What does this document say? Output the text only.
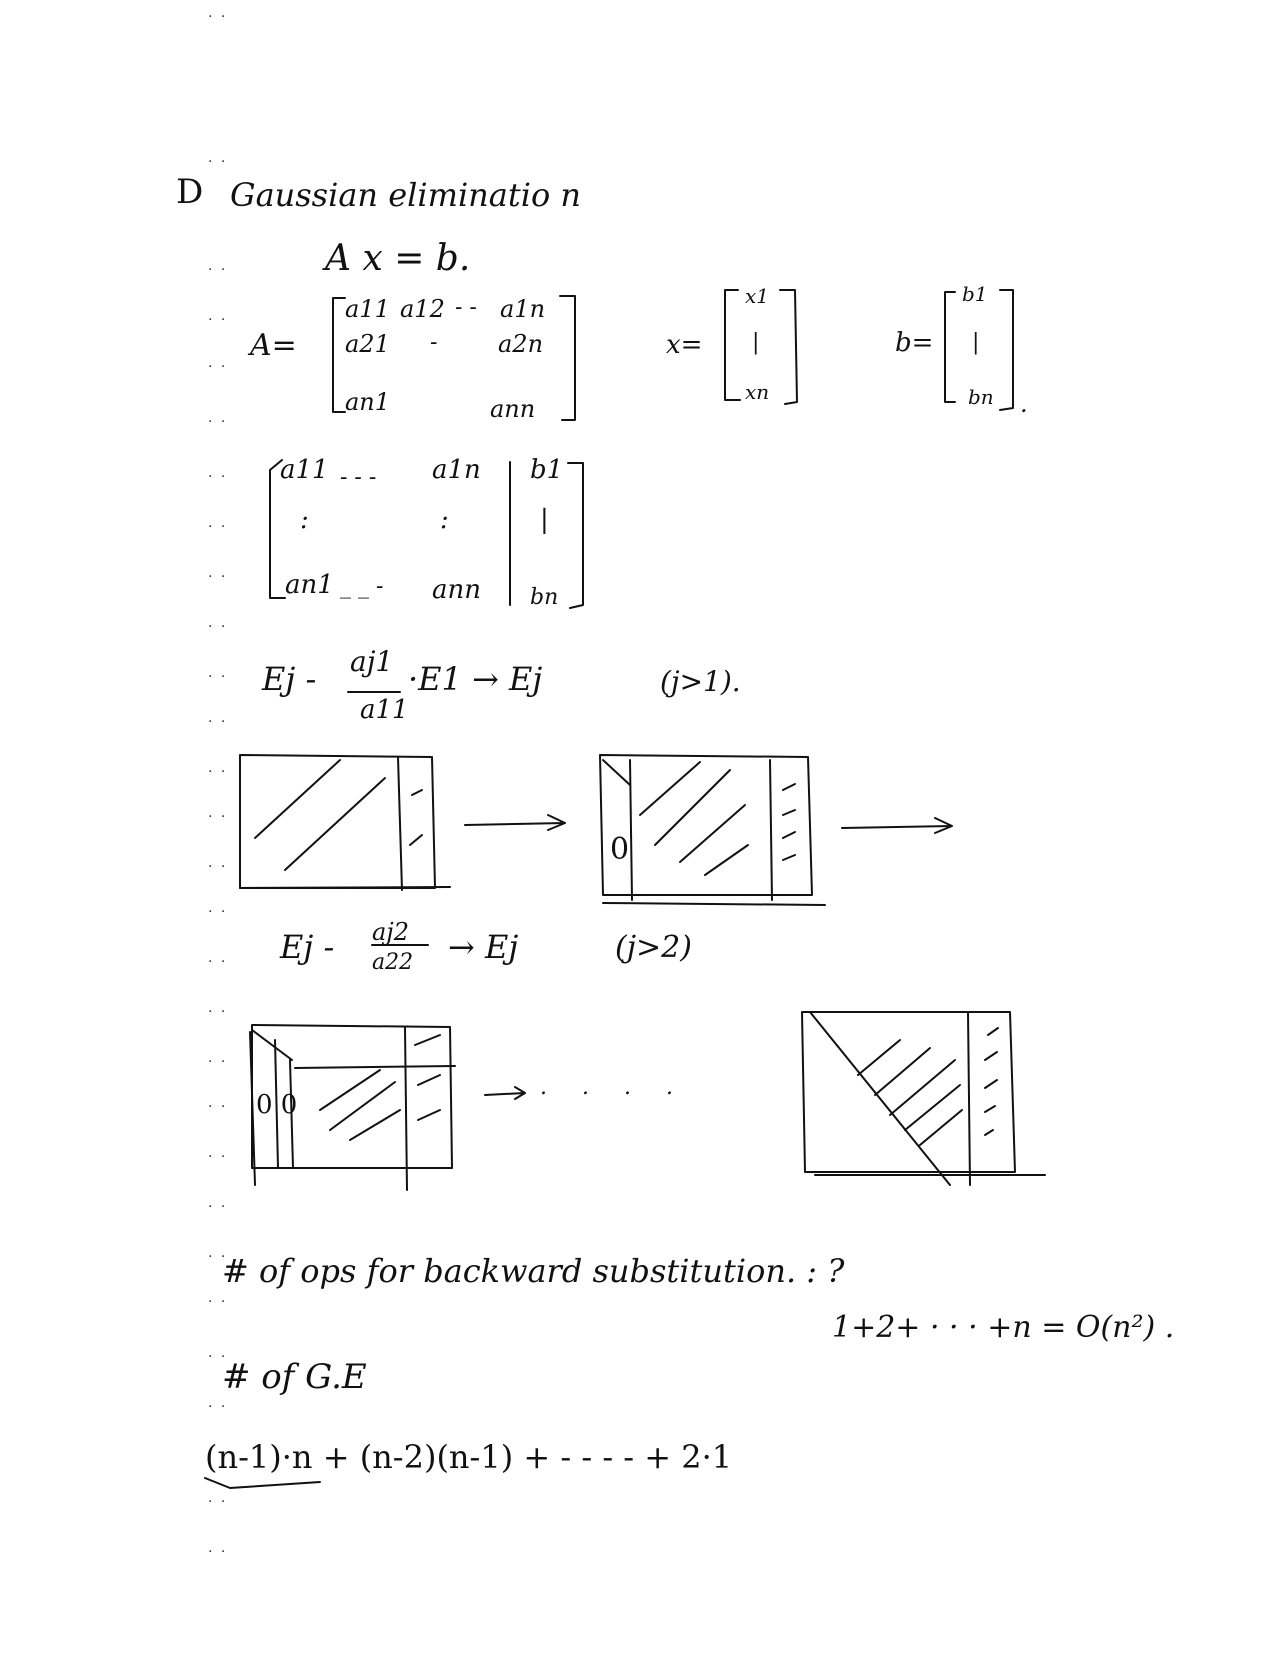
. .
. .
. .
. .
. .
. .
. .
. .
. .
. .
. .
. .
. .
. .
. .
. .
. .
. .
. .
. .
. .
. .
. .
. .
. .
. .
. .
. .
D Gaussian eliminatio n
A x = b.
A=
a11 a12 - - a1n
a21 -	a2n
an1	ann
x=
x1
|
xn
b=
b1
|
bn .
a11 - - - a1n b1
:	:	|
an1 _ _ - ann bn
Ej - aj1
a11
·E1 → Ej	(j>1).
Ej - aj2
a22 → Ej	(j>2)
0
0 0
. . . .
# of ops for backward substitution. : ?
1+2+ · · · +n = O(n²) .
# of G.E
(n-1)·n + (n-2)(n-1) + - - - - + 2·1
